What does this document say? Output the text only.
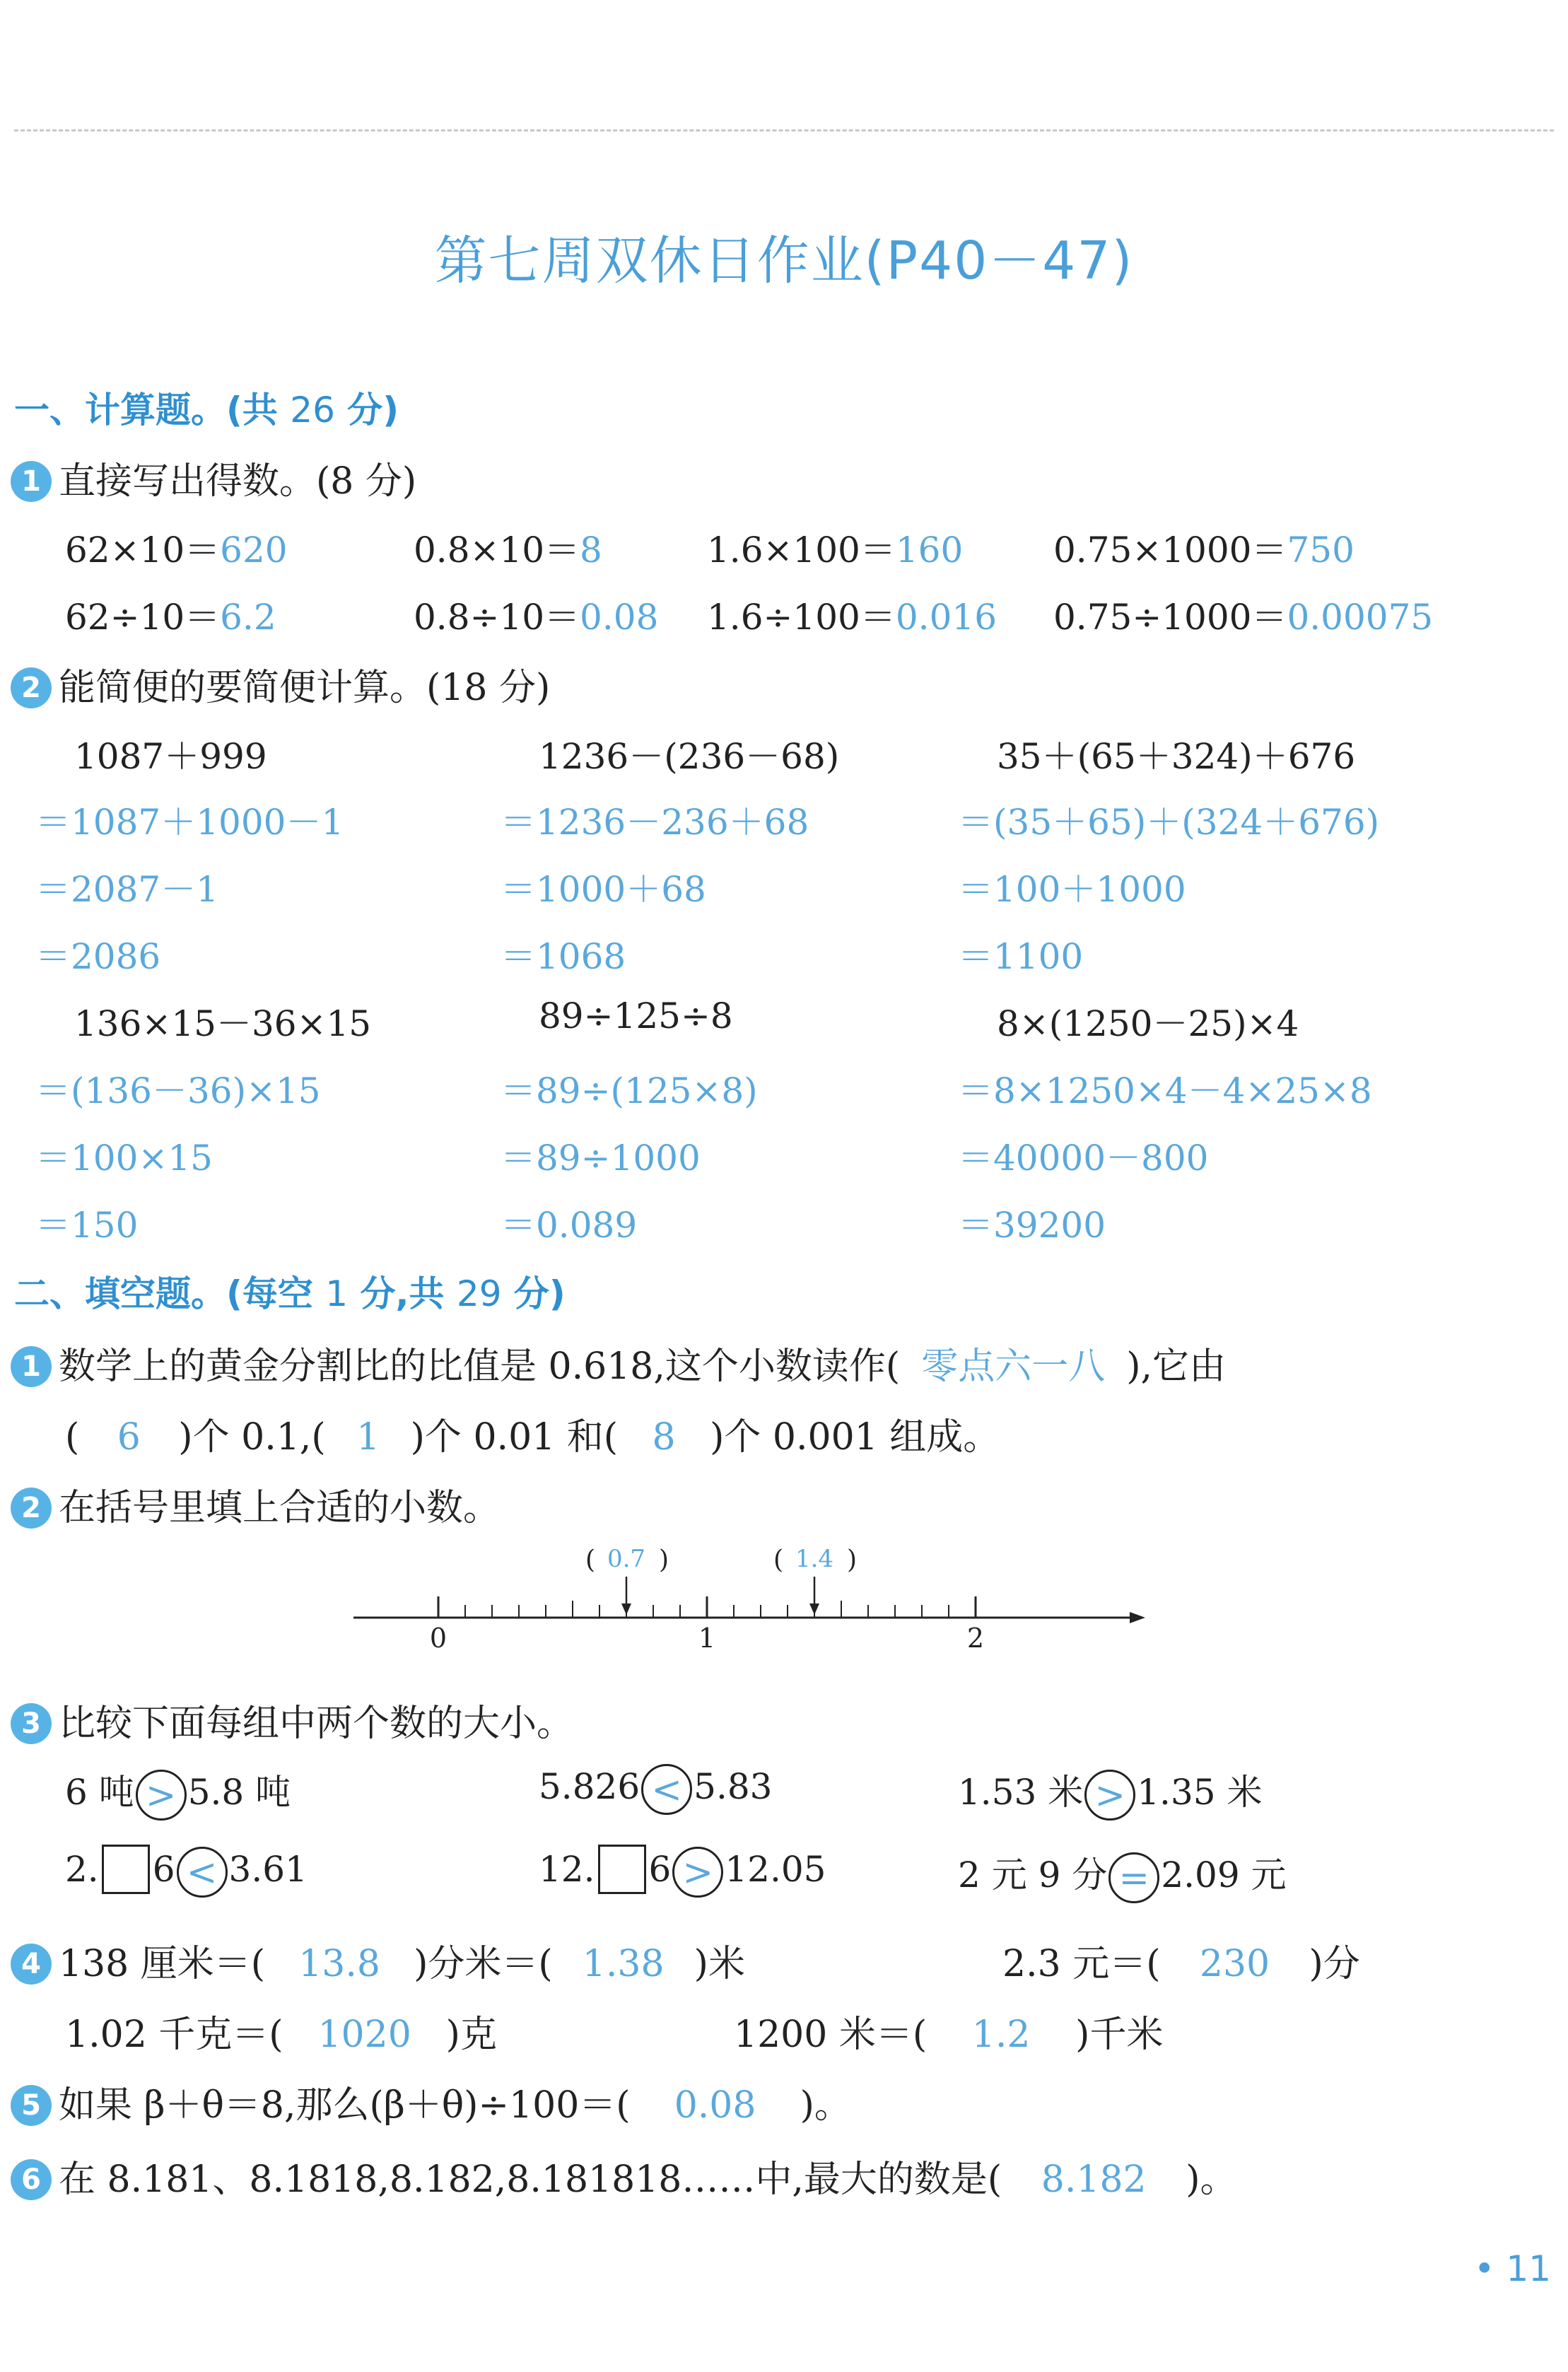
第七周双休日作业(P40－47)
一、计算题。(共 26 分)
1 直接写出得数。(8 分)
62×10＝620	0.8×10＝8	1.6×100＝160	0.75×1000＝750
62÷10＝6.2	0.8÷10＝0.08 1.6÷100＝0.016 0.75÷1000＝0.00075
2 能简便的要简便计算。(18 分)
1087＋999
＝1087＋1000－1
＝2087－1
＝2086
1236－(236－68)
＝1236－236＋68
＝1000＋68
＝1068
35＋(65＋324)＋676
＝(35＋65)＋(324＋676)
＝100＋1000
＝1100
136×15－36×15
＝(136－36)×15
＝100×15
＝150
89÷125÷8
＝89÷(125×8)
＝89÷1000
＝0.089
8×(1250－25)×4
＝8×1250×4－4×25×8
＝40000－800
＝39200
二、填空题。(每空 1 分,共 29 分)
1 数学上的黄金分割比的比值是 0.618,这个小数读作( 零点六一八 ),它由
( 6 )个 0.1,( 1 )个 0.01 和( 8 )个 0.001 组成。
2 在括号里填上合适的小数。
0	1	2
( 0.7 )	( 1.4 )
3 比较下面每组中两个数的大小。
6 吨 > 5.8 吨	5.826 < 5.83	1.53 米 > 1.35 米
2. 6 < 3.61	12. 6 > 12.05	2 元 9 分 = 2.09 元
4 138 厘米＝( 13.8 )分米＝( 1.38 )米	2.3 元＝( 230 )分
1.02 千克＝( 1020 )克	1200 米＝( 1.2 )千米
5 如果 β＋θ＝8,那么(β＋θ)÷100＝( 0.08 )。
6 在 8.181、8.1818,8.182,8.181818……中,最大的数是( 8.182 )。
• 11
